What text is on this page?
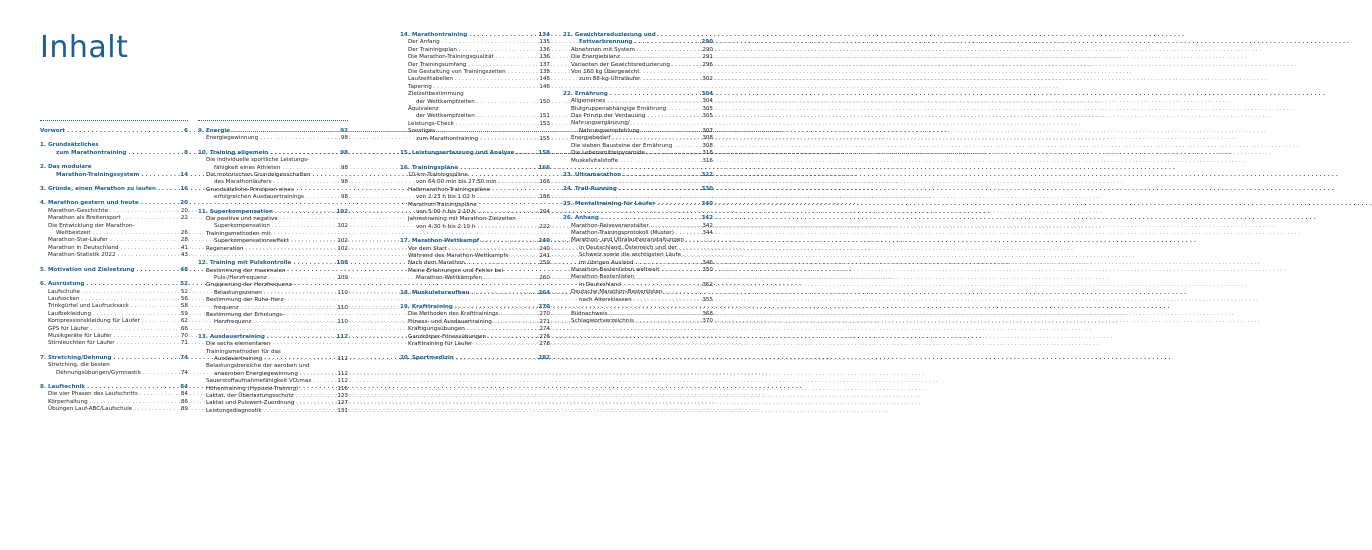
Inhalt
Vorwort . . .	6
1. Grundsätzliches
zum Marathontraining . . .	8
2. Das modulare
Marathon-Trainingssystem . . .	14
3. Gründe, einen Marathon zu laufen . . .	16
4. Marathon gestern und heute . . .	20
Marathon-Geschichte . . .	20
Marathon als Breitensport . . .	22
Die Entwicklung der Marathon-
Weltbestzeit . . .	26
Marathon-Star-Läufer . . .	28
Marathon in Deutschland . . .	41
Marathon-Statistik 2022 . . .	43
5. Motivation und Zielsetzung . . .	48
6. Ausrüstung . . .	52
Laufschuhe . . .	52
Laufsocken . . .	56
Trinkgürtel und Laufrucksack . . .	58
Laufbekleidung . . .	59
Kompressionskleidung für Läufer . . .	62
GPS für Läufer . . .	66
Musikgeräte für Läufer . . .	70
Stirnleuchten für Läufer . . .	71
7. Stretching/Dehnung . . .	74
Stretching, die besten
Dehnungsübungen/Gymnastik . . .	74
8. Lauftechnik . . .	84
Die vier Phasen des Laufschritts . . .	84
Körperhaltung . . .	86
Übungen Lauf-ABC/Laufschule . . .	89
9. Energie . . .	92
Energiegewinnung . . .	98
10. Training allgemein . . .	98
Die individuelle sportliche Leistungs-
fähigkeit eines Athleten . . .	98
Die motorischen Grundeigenschaften
des Marathonläufers . . .	98
Grundsätzliche Prinzipien eines
erfolgreichen Ausdauertrainings . . .	98
11. Superkompensation . . .	102
Die positive und negative
Superkompensation . . .	102
Trainingsmethoden mit
Superkompensationseffekt . . .	102
Regeneration . . .	102
12. Training mit Pulskontrolle . . .	108
Bestimmung der maximalen
Puls-/Herzfrequenz . . .	109
Gruppierung der Herzfrequenz-
Belastungszonen . . .	110
Bestimmung der Ruhe-Herz-
frequenz . . .	110
Bestimmung der Erholungs-
Herzfrequenz . . .	110
13. Ausdauertraining . . .	112
Die sechs elementaren
Trainingsmethoden für das
Ausdauertraining . . .	112
Belastungsbereiche der aeroben und
anaeroben Energiegewinnung . . .	112
Sauerstoffaufnahmefähigkeit VO₂max . . .	112
Höhentraining (Hypoxie-Training) . . .	116
Laktat, der Überlastungsschutz . . .	123
Laktat und Pulswert-Zuordnung . . .	127
Leistungsdiagnostik . . .	131
14. Marathontraining . . .	134
Der Anfang . . .	135
Der Trainingsplan . . .	136
Die Marathon-Trainingsqualität . . .	136
Der Trainingsumfang . . .	137
Die Gestaltung von Trainingszeiten . . .	138
Laufzeittabellen . . .	146
Tapering . . .	146
Zielzeitbestimmung
der Wettkampfzeiten . . .	150
Äquivalenz
der Wettkampfzeiten . . .	151
Leistungs-Check . . .	153
Sonstiges
zum Marathontraining . . .	155
15. Leistungserfassung und Analyse . . .	158
16. Trainingspläne . . .	166
10-km-Trainingspläne
von 64:00 min bis 27:50 min . . .	166
Halbmarathon-Trainingspläne
von 2:23 h bis 1:02 h . . .	186
Marathon-Trainingspläne
von 5:00 h bis 2:10 h . . .	204
Jahrestraining mit Marathon-Zielzeiten
von 4:30 h bis 2:10 h . . .	222
17. Marathon-Wettkampf . . .	240
Vor dem Start . . .	240
Während des Marathon-Wettkampfs . . .	241
Nach dem Marathon . . .	259
Meine Erfahrungen und Fehler bei
Marathon-Wettkämpfen . . .	260
18. Muskulaturaufbau . . .	264
19. Krafttraining . . .	270
Die Methoden des Krafttrainings . . .	270
Fitness- und Ausdauertraining . . .	271
Kräftigungsübungen . . .	274
Ganzkörper-Fitnessübungen . . .	276
Krafttraining für Läufer . . .	278
20. Sportmedizin . . .	282
21. Gewichtsreduzierung und
Fettverbrennung . . .	290
Abnehmen mit System . . .	290
Die Energiebilanz . . .	291
Varianten der Gewichtsreduzierung . . .	296
Von 160 kg Übergewicht
zum 88-kg-Ultraläufer . . .	302
22. Ernährung . . .	304
Allgemeines . . .	304
Blutgruppenabhängige Ernährung . . .	305
Das Prinzip der Verdauung . . .	305
Nahrungsergänzung/
Nahrungsempfehlung . . .	307
Energiebedarf . . .	308
Die sieben Bausteine der Ernährung . . .	308
Die Lebensmittelpyramide . . .	316
Muskelvitalstoffe . . .	316
23. Ultramarathon . . .	322
24. Trail-Running . . .	330
25. Mentaltraining für Läufer . . .	340
26. Anhang . . .	342
Marathon-Reiseveranstalter . . .	342
Marathon-Trainingsprotokoll (Muster) . . .	344
Marathon- und Ultralaufveranstaltungen
in Deutschland, Österreich und der
Schweiz sowie die wichtigsten Läufe
im übrigen Ausland . . .	346
Marathon-Bestenlisten weltweit . . .	350
Marathon-Bestenlisten
in Deutschland . . .	352
Deutsche Marathon-Bestenlisten
nach Altersklassen . . .	355
Bildnachweis . . .	368
Schlagwortverzeichnis . . .	370
